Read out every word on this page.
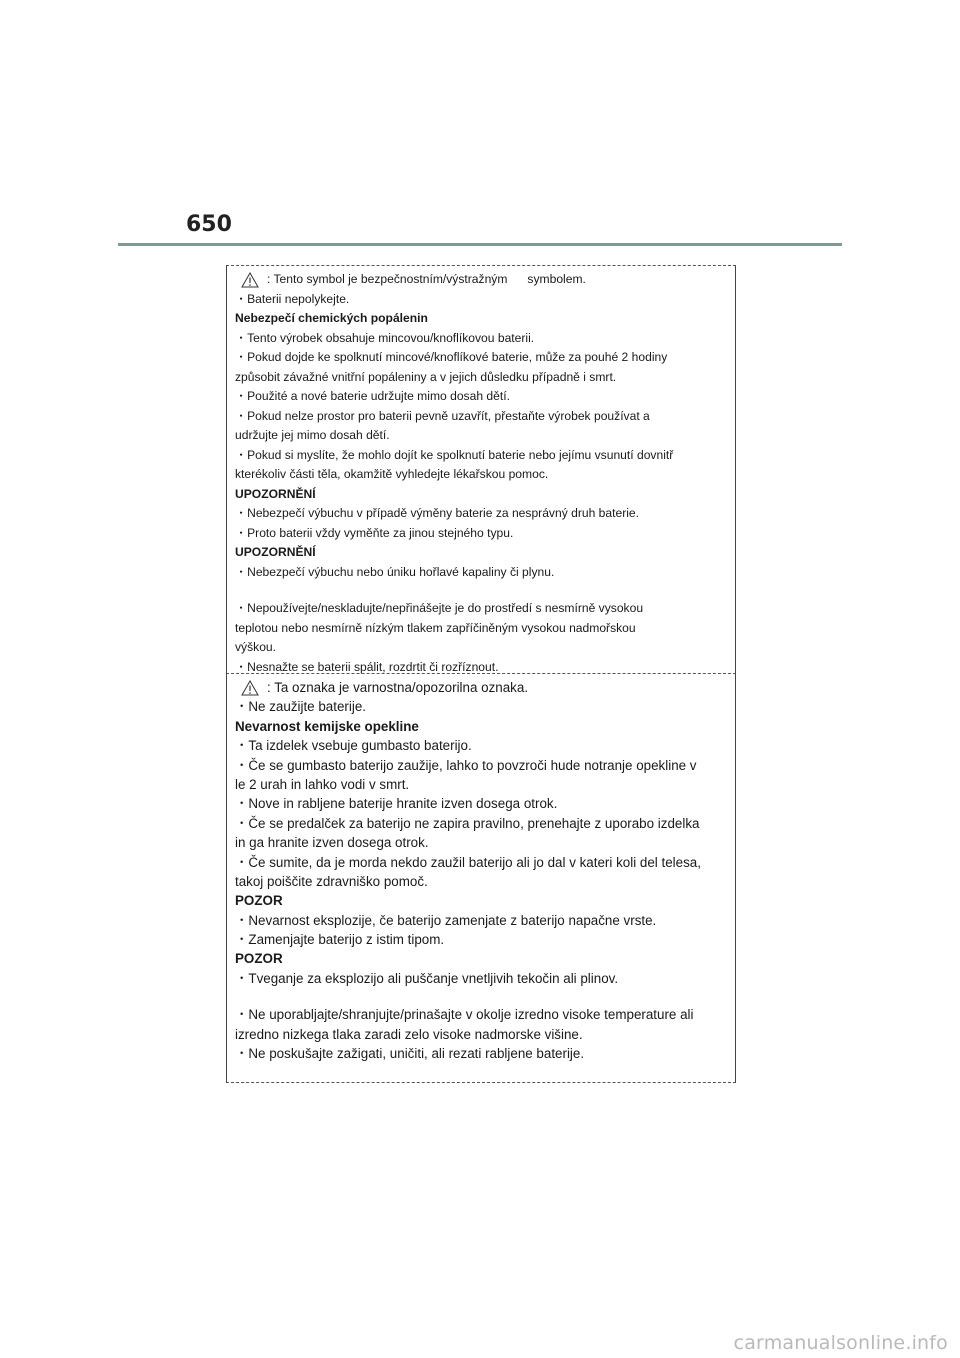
650
: Tento symbol je bezpečnostním/výstražným symbolem.
・Baterii nepolykejte.
Nebezpečí chemických popálenin
・Tento výrobek obsahuje mincovou/knoflíkovou baterii.
・Pokud dojde ke spolknutí mincové/knoflíkové baterie, může za pouhé 2 hodiny
způsobit závažné vnitřní popáleniny a v jejich důsledku případně i smrt.
・Použité a nové baterie udržujte mimo dosah dětí.
・Pokud nelze prostor pro baterii pevně uzavřít, přestaňte výrobek používat a
udržujte jej mimo dosah dětí.
・Pokud si myslíte, že mohlo dojít ke spolknutí baterie nebo jejímu vsunutí dovnitř
kterékoliv části těla, okamžitě vyhledejte lékařskou pomoc.
UPOZORNĚNÍ
・Nebezpečí výbuchu v případě výměny baterie za nesprávný druh baterie.
・Proto baterii vždy vyměňte za jinou stejného typu.
UPOZORNĚNÍ
・Nebezpečí výbuchu nebo úniku hořlavé kapaliny či plynu.
・Nepoužívejte/neskladujte/nepřinášejte je do prostředí s nesmírně vysokou
teplotou nebo nesmírně nízkým tlakem zapříčiněným vysokou nadmořskou
výškou.
・Nesnažte se baterii spálit, rozdrtit či rozříznout.
: Ta oznaka je varnostna/opozorilna oznaka.
・Ne zaužijte baterije.
Nevarnost kemijske opekline
・Ta izdelek vsebuje gumbasto baterijo.
・Če se gumbasto baterijo zaužije, lahko to povzroči hude notranje opekline v
le 2 urah in lahko vodi v smrt.
・Nove in rabljene baterije hranite izven dosega otrok.
・Če se predalček za baterijo ne zapira pravilno, prenehajte z uporabo izdelka
in ga hranite izven dosega otrok.
・Če sumite, da je morda nekdo zaužil baterijo ali jo dal v kateri koli del telesa,
takoj poiščite zdravniško pomoč.
POZOR
・Nevarnost eksplozije, če baterijo zamenjate z baterijo napačne vrste.
・Zamenjajte baterijo z istim tipom.
POZOR
・Tveganje za eksplozijo ali puščanje vnetljivih tekočin ali plinov.
・Ne uporabljajte/shranjujte/prinašajte v okolje izredno visoke temperature ali
izredno nizkega tlaka zaradi zelo visoke nadmorske višine.
・Ne poskušajte zažigati, uničiti, ali rezati rabljene baterije.
carmanualsonline.info
